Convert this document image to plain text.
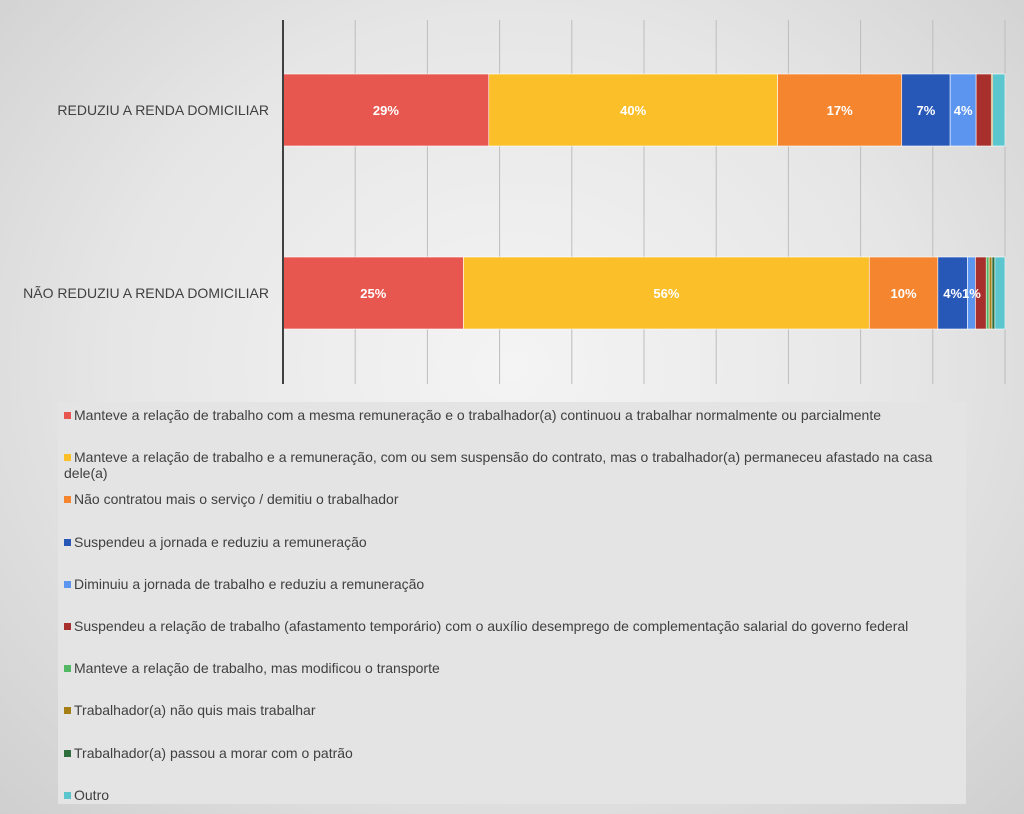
29%	40%	17%	7% 4%
25%	56%	10% 4% 1%
REDUZIU A RENDA DOMICILIAR
NÃO REDUZIU A RENDA DOMICILIAR
Manteve a relação de trabalho com a mesma remuneração e o trabalhador(a) continuou a trabalhar normalmente ou parcialmente
Manteve a relação de trabalho e a remuneração, com ou sem suspensão do contrato, mas o trabalhador(a) permaneceu afastado na casa dele(a)
Não contratou mais o serviço / demitiu o trabalhador
Suspendeu a jornada e reduziu a remuneração
Diminuiu a jornada de trabalho e reduziu a remuneração
Suspendeu a relação de trabalho (afastamento temporário) com o auxílio desemprego de complementação salarial do governo federal
Manteve a relação de trabalho, mas modificou o transporte
Trabalhador(a) não quis mais trabalhar
Trabalhador(a) passou a morar com o patrão
Outro
